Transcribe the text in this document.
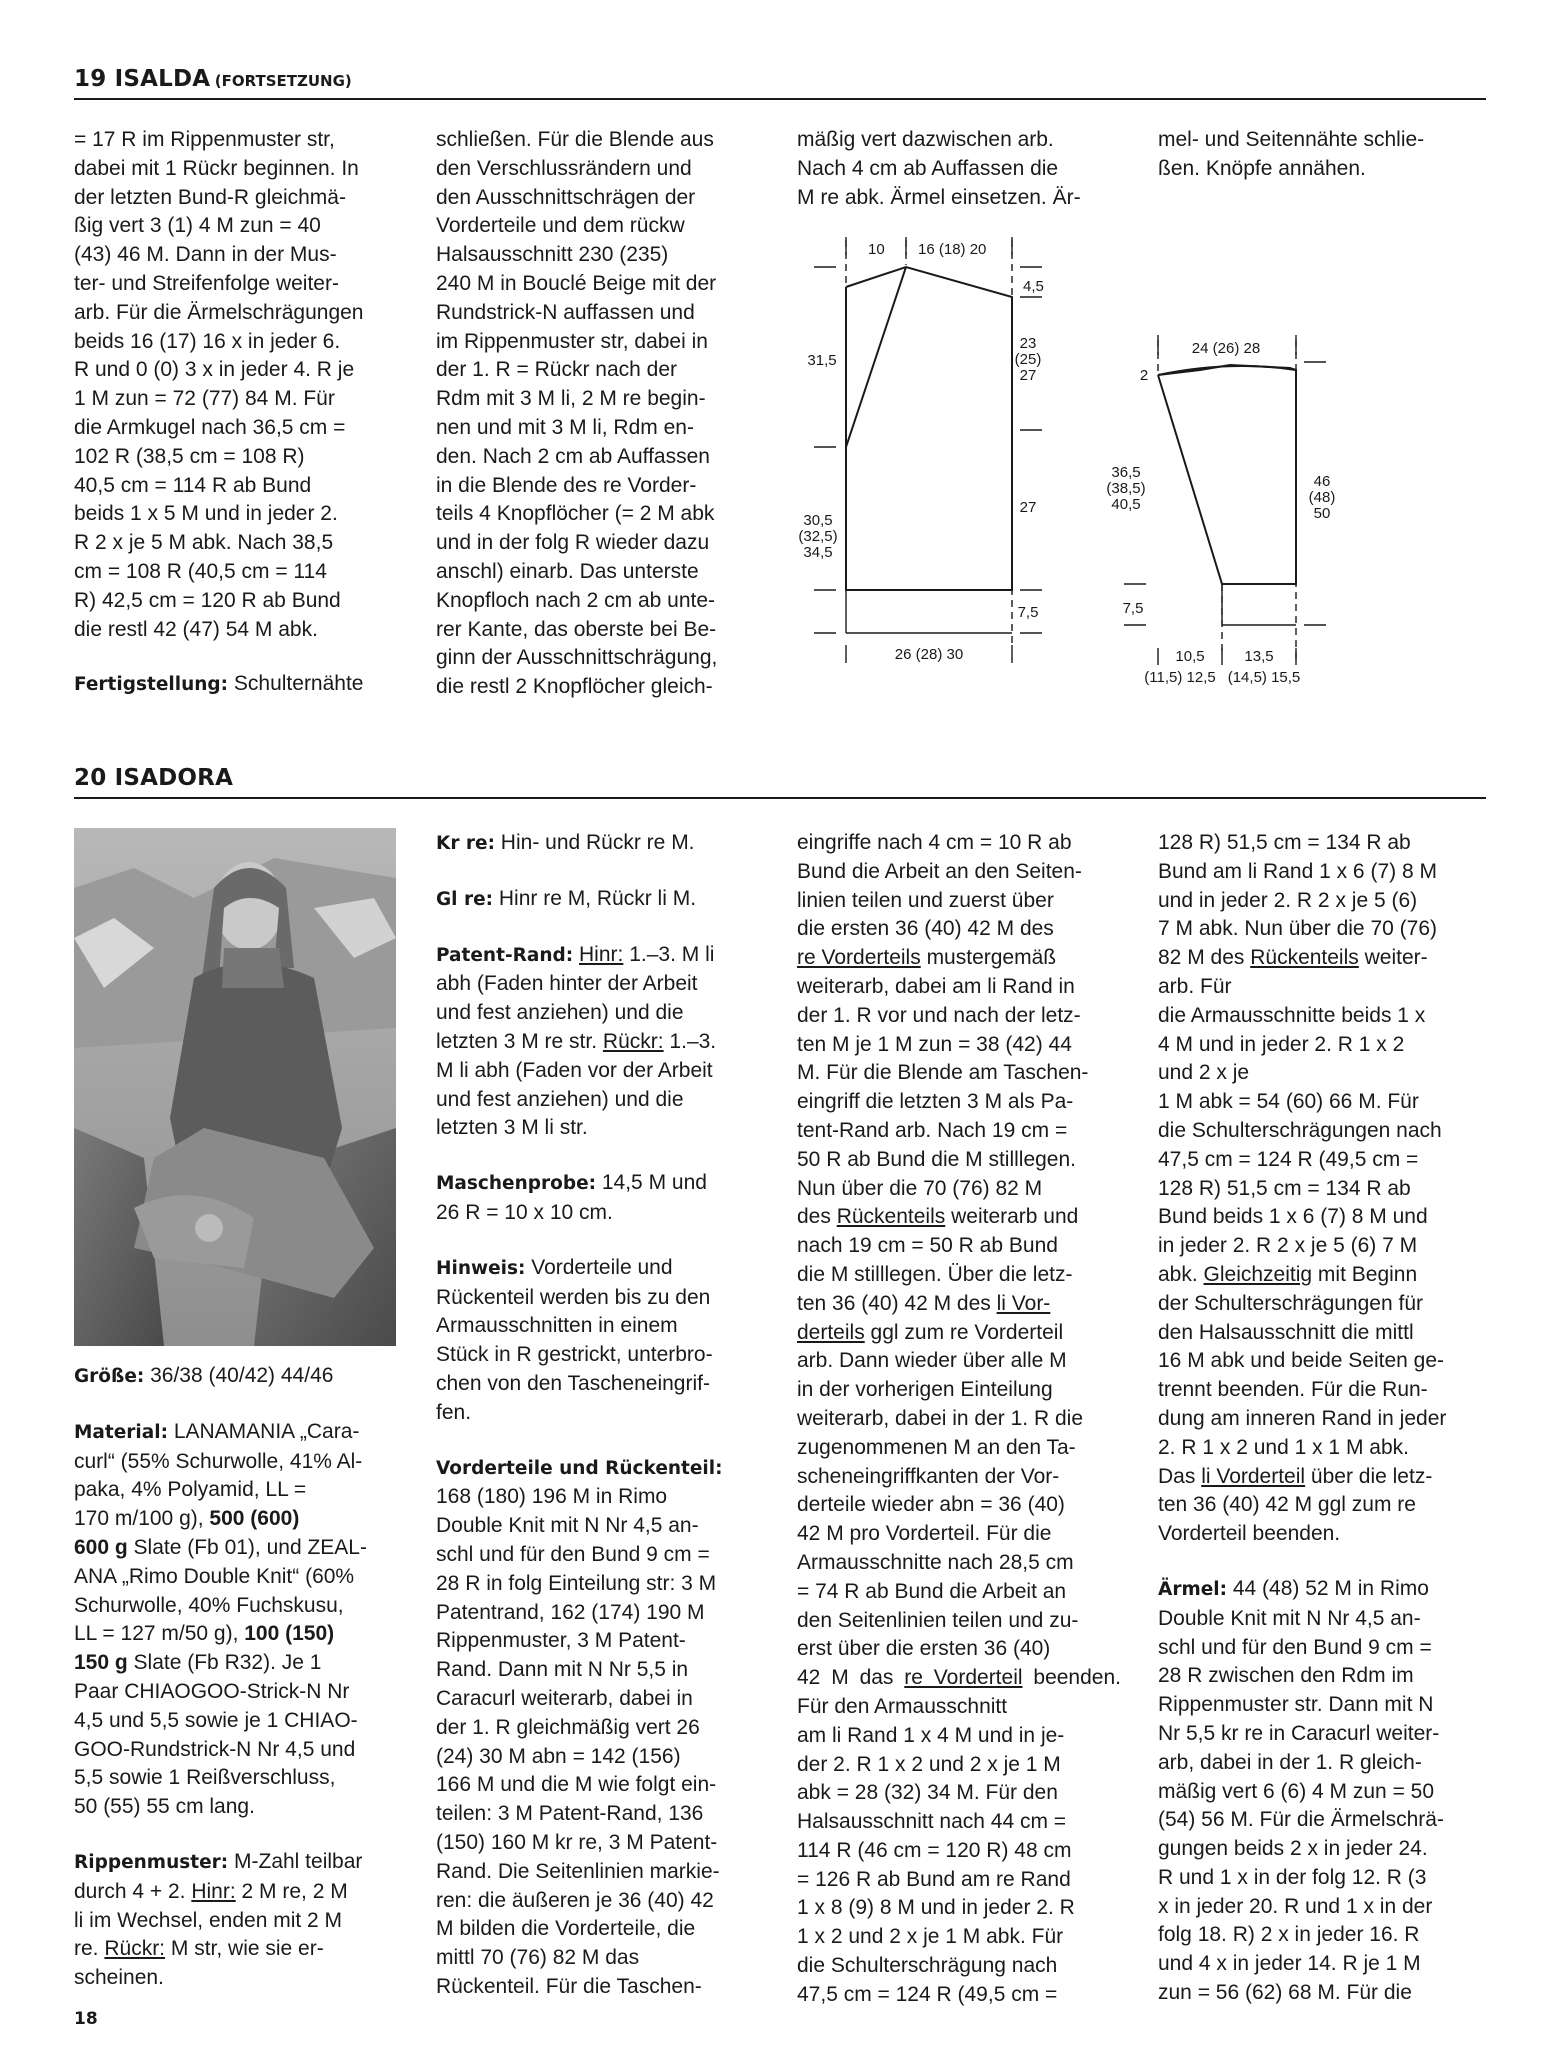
19 ISALDA (FORTSETZUNG)

= 17 R im Rippenmuster str,
dabei mit 1 Rückr beginnen. In
der letzten Bund-R gleichmä-
ßig vert 3 (1) 4 M zun = 40
(43) 46 M. Dann in der Mus-
ter- und Streifenfolge weiter-
arb. Für die Ärmelschrägungen
beids 16 (17) 16 x in jeder 6.
R und 0 (0) 3 x in jeder 4. R je
1 M zun = 72 (77) 84 M. Für
die Armkugel nach 36,5 cm =
102 R (38,5 cm = 108 R)
40,5 cm = 114 R ab Bund
beids 1 x 5 M und in jeder 2.
R 2 x je 5 M abk. Nach 38,5
cm = 108 R (40,5 cm = 114
R) 42,5 cm = 120 R ab Bund
die restl 42 (47) 54 M abk.

Fertigstellung: Schulternähte

schließen. Für die Blende aus
den Verschlussrändern und
den Ausschnittschrägen der
Vorderteile und dem rückw
Halsausschnitt 230 (235)
240 M in Bouclé Beige mit der
Rundstrick-N auffassen und
im Rippenmuster str, dabei in
der 1. R = Rückr nach der
Rdm mit 3 M li, 2 M re begin-
nen und mit 3 M li, Rdm en-
den. Nach 2 cm ab Auffassen
in die Blende des re Vorder-
teils 4 Knopflöcher (= 2 M abk
und in der folg R wieder dazu
anschl) einarb. Das unterste
Knopfloch nach 2 cm ab unte-
rer Kante, das oberste bei Be-
ginn der Ausschnittschrägung,
die restl 2 Knopflöcher gleich-

mäßig vert dazwischen arb.
Nach 4 cm ab Auffassen die
M re abk. Ärmel einsetzen. Är-

mel- und Seitennähte schlie-
ßen. Knöpfe annähen.

10 16 (18) 20
4,5
23
(25)
27
27
7,5
31,5
30,5
(32,5)
34,5
26 (28) 30
24 (26) 28
2
36,5
(38,5)
40,5
7,5
46
(48)
50
10,5
(11,5) 12,5
13,5
(14,5) 15,5
20 ISADORA

Größe: 36/38 (40/42) 44/46

Material: LANAMANIA „Cara-
curl“ (55% Schurwolle, 41% Al-
paka, 4% Polyamid, LL =
170 m/100 g), 500 (600)
600 g Slate (Fb 01), und ZEAL-
ANA „Rimo Double Knit“ (60%
Schurwolle, 40% Fuchskusu,
LL = 127 m/50 g), 100 (150)
150 g Slate (Fb R32). Je 1
Paar CHIAOGOO-Strick-N Nr
4,5 und 5,5 sowie je 1 CHIAO-
GOO-Rundstrick-N Nr 4,5 und
5,5 sowie 1 Reißverschluss,
50 (55) 55 cm lang.

Rippenmuster: M-Zahl teilbar
durch 4 + 2. Hinr: 2 M re, 2 M
li im Wechsel, enden mit 2 M
re. Rückr: M str, wie sie er-
scheinen.

Kr re: Hin- und Rückr re M.

Gl re: Hinr re M, Rückr li M.

Patent-Rand: Hinr: 1.–3. M li
abh (Faden hinter der Arbeit
und fest anziehen) und die
letzten 3 M re str. Rückr: 1.–3.
M li abh (Faden vor der Arbeit
und fest anziehen) und die
letzten 3 M li str.

Maschenprobe: 14,5 M und
26 R = 10 x 10 cm.

Hinweis: Vorderteile und
Rückenteil werden bis zu den
Armausschnitten in einem
Stück in R gestrickt, unterbro-
chen von den Tascheneingrif-
fen.

Vorderteile und Rückenteil:
168 (180) 196 M in Rimo
Double Knit mit N Nr 4,5 an-
schl und für den Bund 9 cm =
28 R in folg Einteilung str: 3 M
Patentrand, 162 (174) 190 M
Rippenmuster, 3 M Patent-
Rand. Dann mit N Nr 5,5 in
Caracurl weiterarb, dabei in
der 1. R gleichmäßig vert 26
(24) 30 M abn = 142 (156)
166 M und die M wie folgt ein-
teilen: 3 M Patent-Rand, 136
(150) 160 M kr re, 3 M Patent-
Rand. Die Seitenlinien markie-
ren: die äußeren je 36 (40) 42
M bilden die Vorderteile, die
mittl 70 (76) 82 M das
Rückenteil. Für die Taschen-

eingriffe nach 4 cm = 10 R ab
Bund die Arbeit an den Seiten-
linien teilen und zuerst über
die ersten 36 (40) 42 M des
re Vorderteils mustergemäß
weiterarb, dabei am li Rand in
der 1. R vor und nach der letz-
ten M je 1 M zun = 38 (42) 44
M. Für die Blende am Taschen-
eingriff die letzten 3 M als Pa-
tent-Rand arb. Nach 19 cm =
50 R ab Bund die M stilllegen.
Nun über die 70 (76) 82 M
des Rückenteils weiterarb und
nach 19 cm = 50 R ab Bund
die M stilllegen. Über die letz-
ten 36 (40) 42 M des li Vor-
derteils ggl zum re Vorderteil
arb. Dann wieder über alle M
in der vorherigen Einteilung
weiterarb, dabei in der 1. R die
zugenommenen M an den Ta-
scheneingriffkanten der Vor-
derteile wieder abn = 36 (40)
42 M pro Vorderteil. Für die
Armausschnitte nach 28,5 cm
= 74 R ab Bund die Arbeit an
den Seitenlinien teilen und zu-
erst über die ersten 36 (40)
42 M das re Vorderteil beenden. Für den Armausschnitt
am li Rand 1 x 4 M und in je-
der 2. R 1 x 2 und 2 x je 1 M
abk = 28 (32) 34 M. Für den
Halsausschnitt nach 44 cm =
114 R (46 cm = 120 R) 48 cm
= 126 R ab Bund am re Rand
1 x 8 (9) 8 M und in jeder 2. R
1 x 2 und 2 x je 1 M abk. Für
die Schulterschrägung nach
47,5 cm = 124 R (49,5 cm =

128 R) 51,5 cm = 134 R ab
Bund am li Rand 1 x 6 (7) 8 M
und in jeder 2. R 2 x je 5 (6)
7 M abk. Nun über die 70 (76)
82 M des Rückenteils weiter-
arb. Für
die Armausschnitte beids 1 x
4 M und in jeder 2. R 1 x 2
und 2 x je
1 M abk = 54 (60) 66 M. Für
die Schulterschrägungen nach
47,5 cm = 124 R (49,5 cm =
128 R) 51,5 cm = 134 R ab
Bund beids 1 x 6 (7) 8 M und
in jeder 2. R 2 x je 5 (6) 7 M
abk. Gleichzeitig mit Beginn
der Schulterschrägungen für
den Halsausschnitt die mittl
16 M abk und beide Seiten ge-
trennt beenden. Für die Run-
dung am inneren Rand in jeder
2. R 1 x 2 und 1 x 1 M abk.
Das li Vorderteil über die letz-
ten 36 (40) 42 M ggl zum re
Vorderteil beenden.

Ärmel: 44 (48) 52 M in Rimo
Double Knit mit N Nr 4,5 an-
schl und für den Bund 9 cm =
28 R zwischen den Rdm im
Rippenmuster str. Dann mit N
Nr 5,5 kr re in Caracurl weiter-
arb, dabei in der 1. R gleich-
mäßig vert 6 (6) 4 M zun = 50
(54) 56 M. Für die Ärmelschrä-
gungen beids 2 x in jeder 24.
R und 1 x in der folg 12. R (3
x in jeder 20. R und 1 x in der
folg 18. R) 2 x in jeder 16. R
und 4 x in jeder 14. R je 1 M
zun = 56 (62) 68 M. Für die

18
